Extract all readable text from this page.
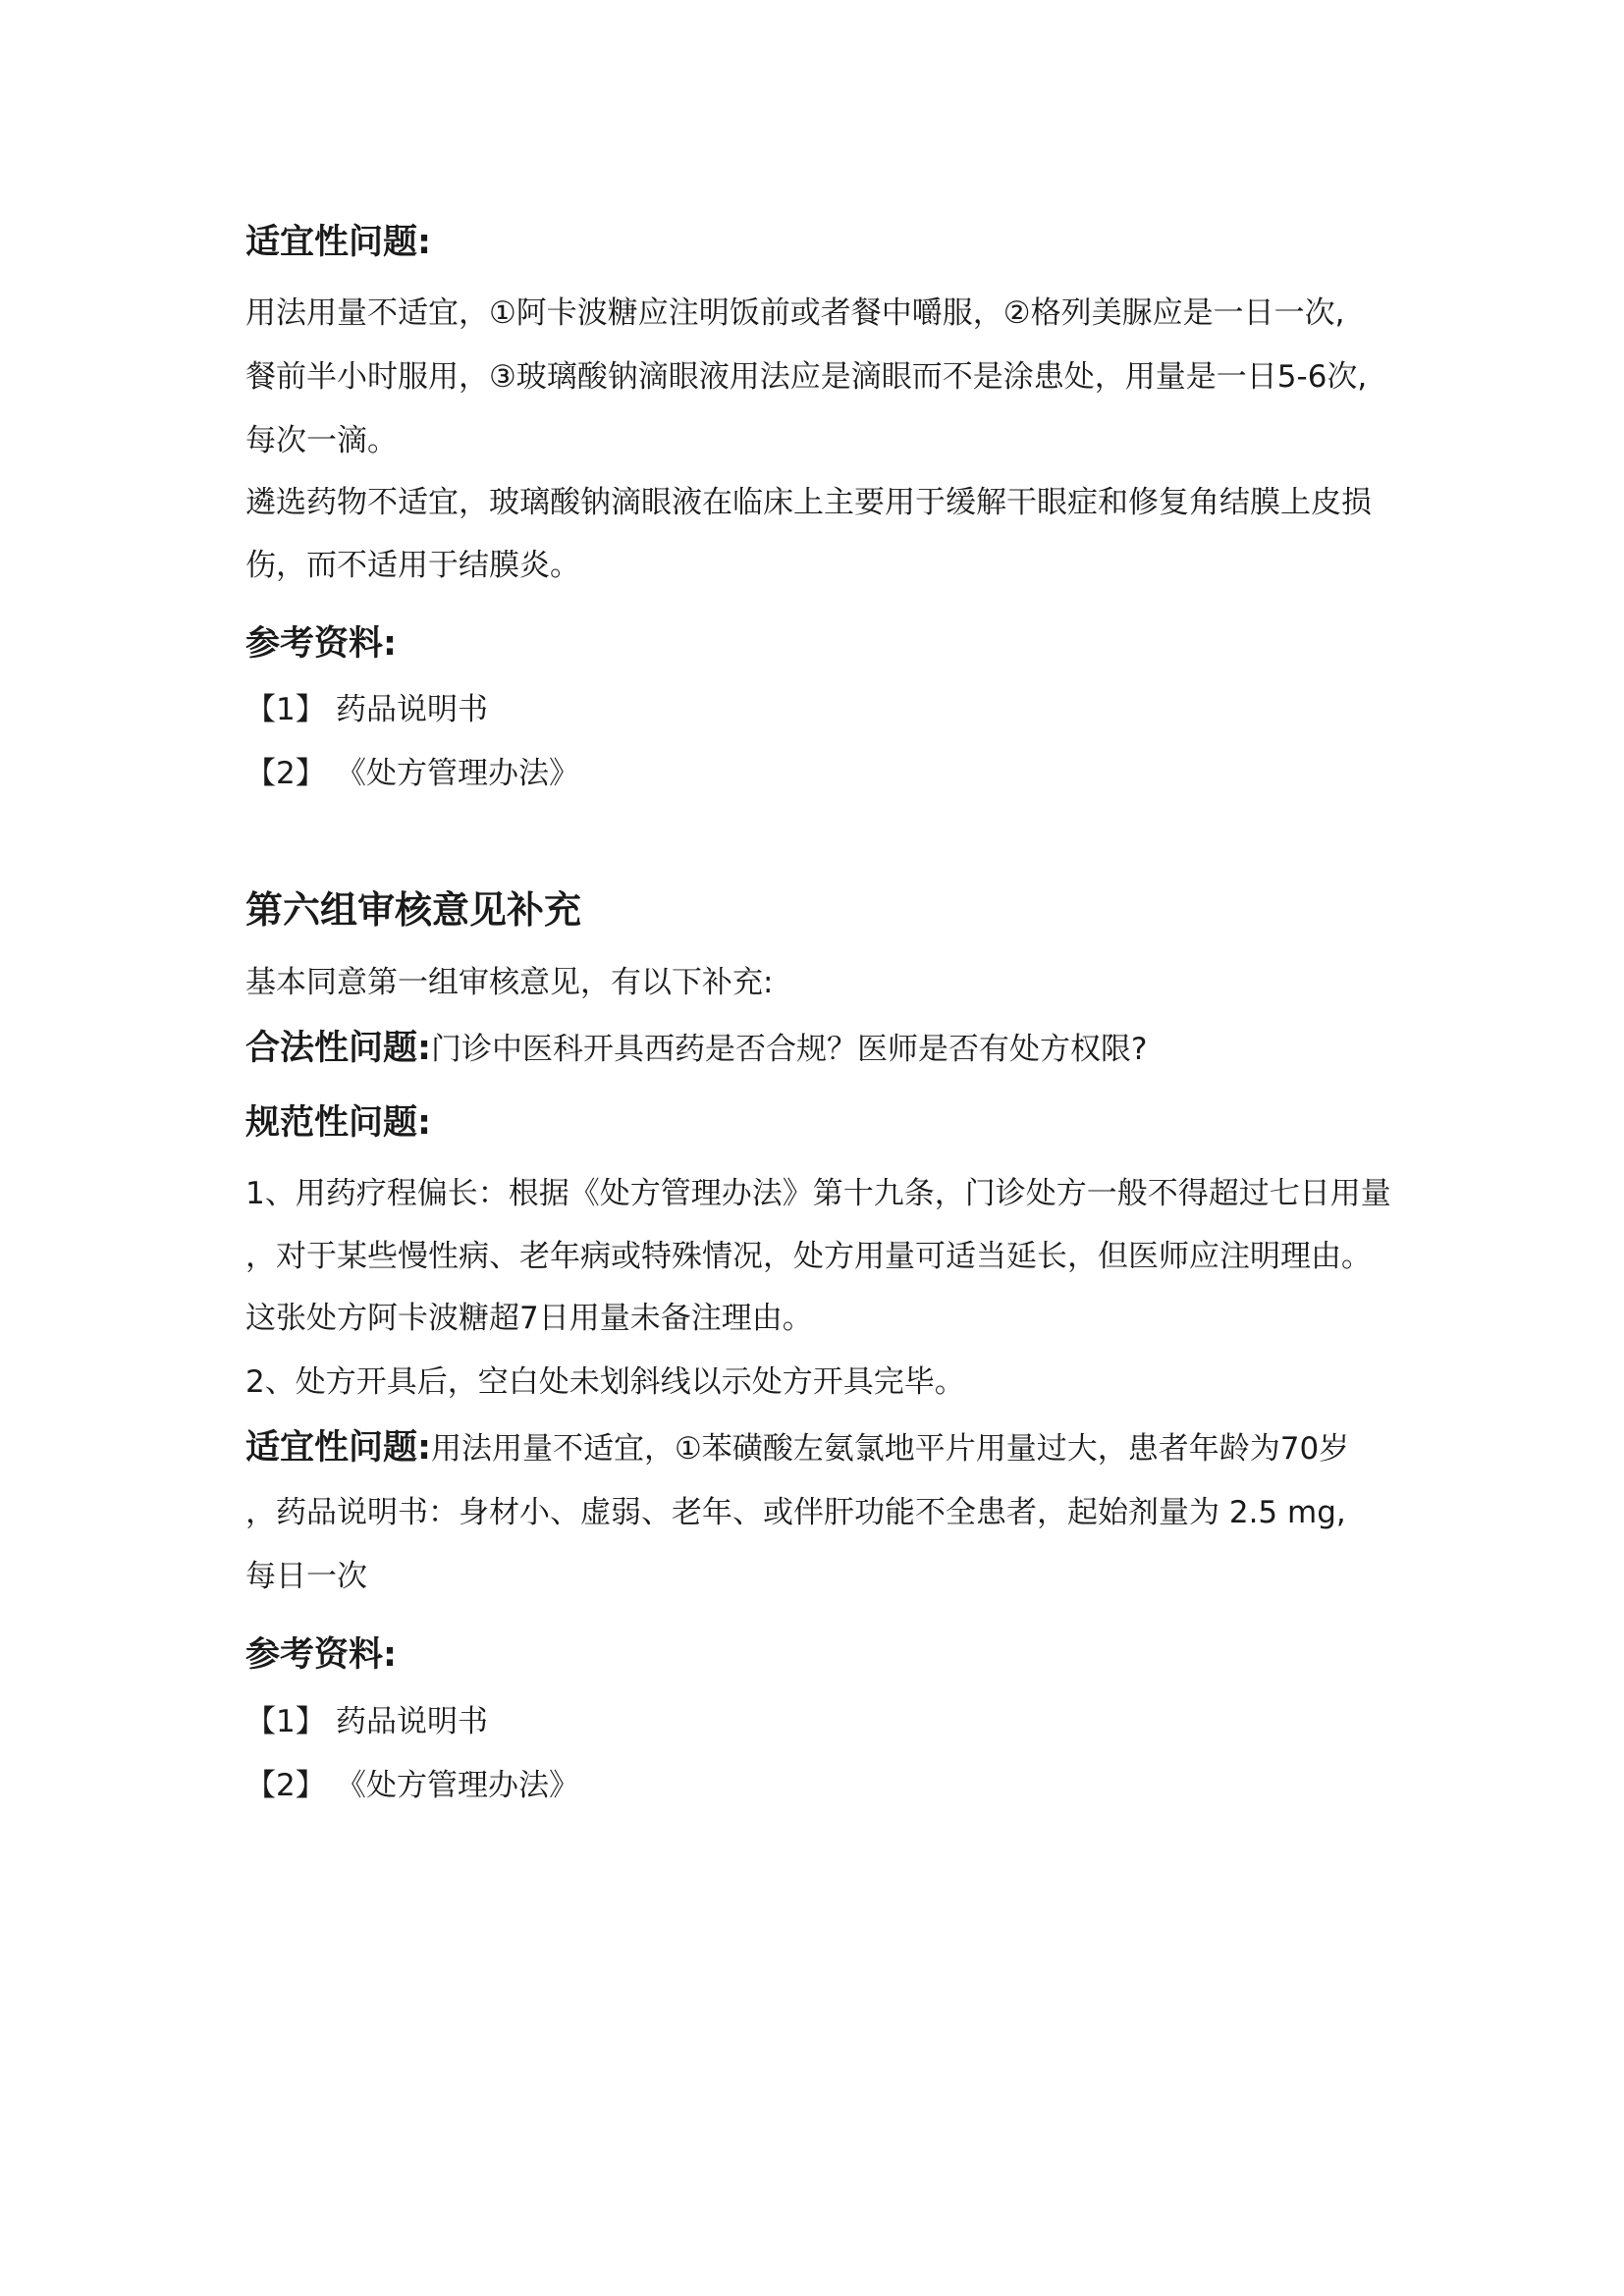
适宜性问题:

用法用量不适宜，①阿卡波糖应注明饭前或者餐中嚼服，②格列美脲应是一日一次,

餐前半小时服用，③玻璃酸钠滴眼液用法应是滴眼而不是涂患处，用量是一日5-6次,

每次一滴。

遴选药物不适宜，玻璃酸钠滴眼液在临床上主要用于缓解干眼症和修复角结膜上皮损

伤，而不适用于结膜炎。

参考资料:

【1】 药品说明书
【2】 《处方管理办法》

第六组审核意见补充

基本同意第一组审核意见，有以下补充:

合法性问题:门诊中医科开具西药是否合规？医师是否有处方权限?

规范性问题:

1、用药疗程偏长：根据《处方管理办法》第十九条，门诊处方一般不得超过七日用量

，对于某些慢性病、老年病或特殊情况，处方用量可适当延长，但医师应注明理由。

这张处方阿卡波糖超7日用量未备注理由。

2、处方开具后，空白处未划斜线以示处方开具完毕。

适宜性问题:用法用量不适宜，①苯磺酸左氨氯地平片用量过大，患者年龄为70岁

，药品说明书：身材小、虚弱、老年、或伴肝功能不全患者，起始剂量为 2.5 mg,

每日一次

参考资料:

【1】 药品说明书
【2】 《处方管理办法》
